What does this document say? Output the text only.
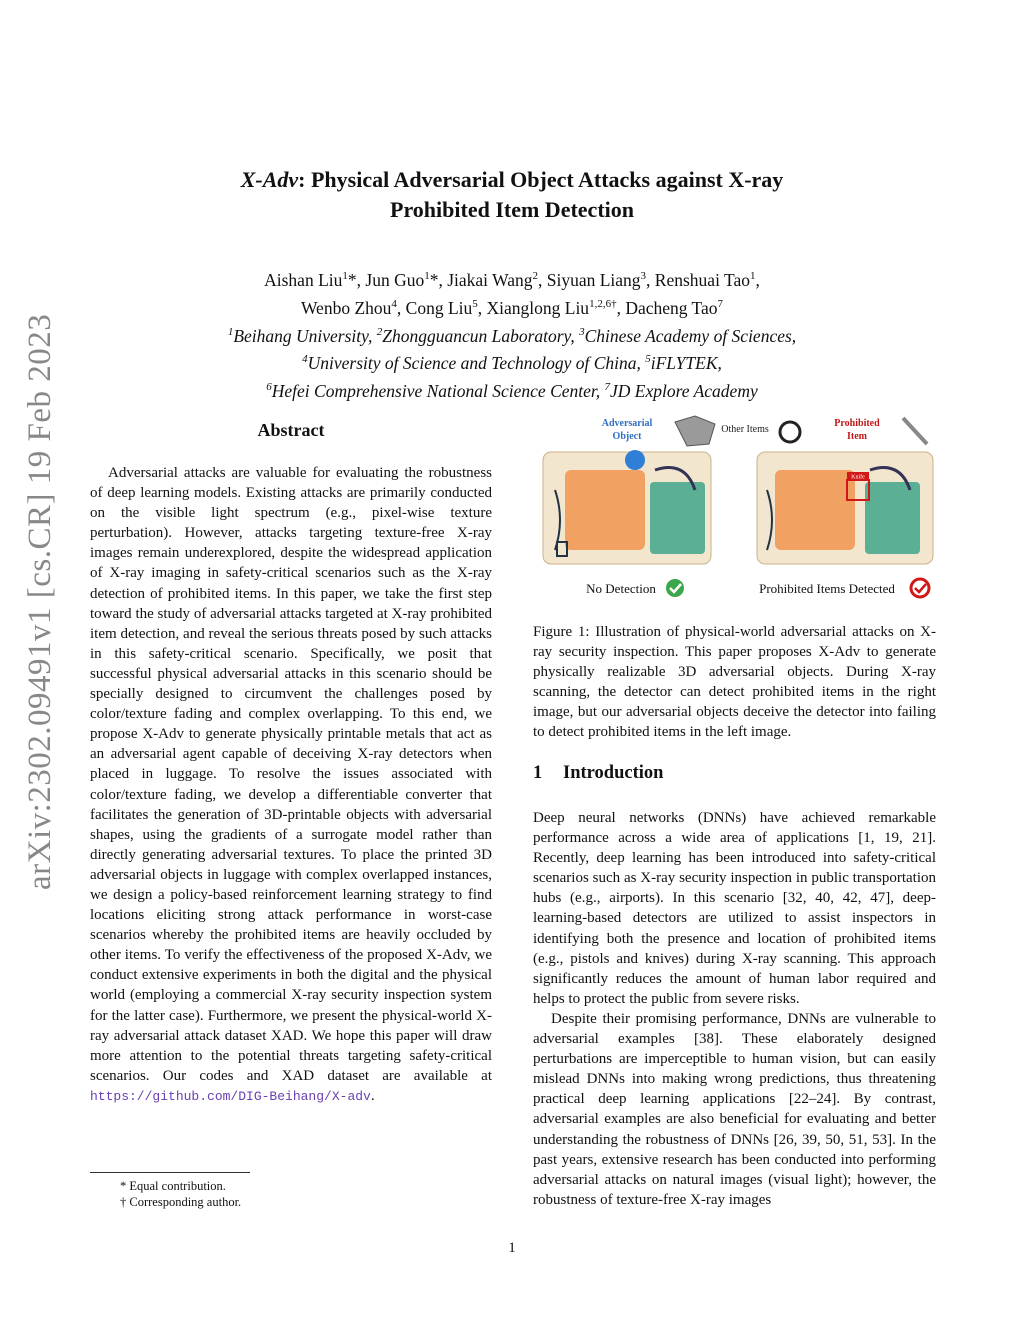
X-Adv: Physical Adversarial Object Attacks against X-ray
Prohibited Item Detection
Aishan Liu$^1$*, Jun Guo$^1$*, Jiakai Wang$^2$, Siyuan Liang$^3$, Renshuai Tao$^1$,
Wenbo Zhou$^4$, Cong Liu$^5$, Xianglong Liu$^{1,2,6\dagger}$, Dacheng Tao$^7$
$^1$Beihang University, $^2$Zhongguancun Laboratory, $^3$Chinese Academy of Sciences,
$^4$University of Science and Technology of China, $^5$iFLYTEK,
$^6$Hefei Comprehensive National Science Center, $^7$JD Explore Academy
arXiv:2302.09491v1 [cs.CR] 19 Feb 2023	Abstract

Adversarial attacks are valuable for evaluating the robustness of deep learning models. Existing attacks are primarily conducted on the visible light spectrum (e.g., pixel-wise texture perturbation). However, attacks targeting texture-free X-ray images remain underexplored, despite the widespread application of X-ray imaging in safety-critical scenarios such as the X-ray detection of prohibited items. In this paper, we take the first step toward the study of adversarial attacks targeted at X-ray prohibited item detection, and reveal the serious threats posed by such attacks in this safety-critical scenario. Specifically, we posit that successful physical adversarial attacks in this scenario should be specially designed to circumvent the challenges posed by color/texture fading and complex overlapping. To this end, we propose X-Adv to generate physically printable metals that act as an adversarial agent capable of deceiving X-ray detectors when placed in luggage. To resolve the issues associated with color/texture fading, we develop a differentiable converter that facilitates the generation of 3D-printable objects with adversarial shapes, using the gradients of a surrogate model rather than directly generating adversarial textures. To place the printed 3D adversarial objects in luggage with complex overlapped instances, we design a policy-based reinforcement learning strategy to find locations eliciting strong attack performance in worst-case scenarios whereby the prohibited items are heavily occluded by other items. To verify the effectiveness of the proposed X-Adv, we conduct extensive experiments in both the digital and the physical world (employing a commercial X-ray security inspection system for the latter case). Furthermore, we present the physical-world X-ray adversarial attack dataset XAD. We hope this paper will draw more attention to the potential threats targeting safety-critical scenarios. Our codes and XAD dataset are available at https://github.com/DIG-Beihang/X-adv.

* Equal contribution.
† Corresponding author.
Knife
Adversarial
Object
Other Items
Prohibited
Item
No Detection	Prohibited Items Detected
Figure 1: Illustration of physical-world adversarial attacks on X-ray security inspection. This paper proposes X-Adv to generate physically realizable 3D adversarial objects. During X-ray scanning, the detector can detect prohibited items in the right image, but our adversarial objects deceive the detector into failing to detect prohibited items in the left image.
1 Introduction

Deep neural networks (DNNs) have achieved remarkable performance across a wide area of applications [1, 19, 21]. Recently, deep learning has been introduced into safety-critical scenarios such as X-ray security inspection in public transportation hubs (e.g., airports). In this scenario [32, 40, 42, 47], deep-learning-based detectors are utilized to assist inspectors in identifying both the presence and location of prohibited items (e.g., pistols and knives) during X-ray scanning. This approach significantly reduces the amount of human labor required and helps to protect the public from severe risks.

Despite their promising performance, DNNs are vulnerable to adversarial examples [38]. These elaborately designed perturbations are imperceptible to human vision, but can easily mislead DNNs into making wrong predictions, thus threatening practical deep learning applications [22–24]. By contrast, adversarial examples are also beneficial for evaluating and better understanding the robustness of DNNs [26, 39, 50, 51, 53]. In the past years, extensive research has been conducted into performing adversarial attacks on natural images (visual light); however, the robustness of texture-free X-ray images

1
